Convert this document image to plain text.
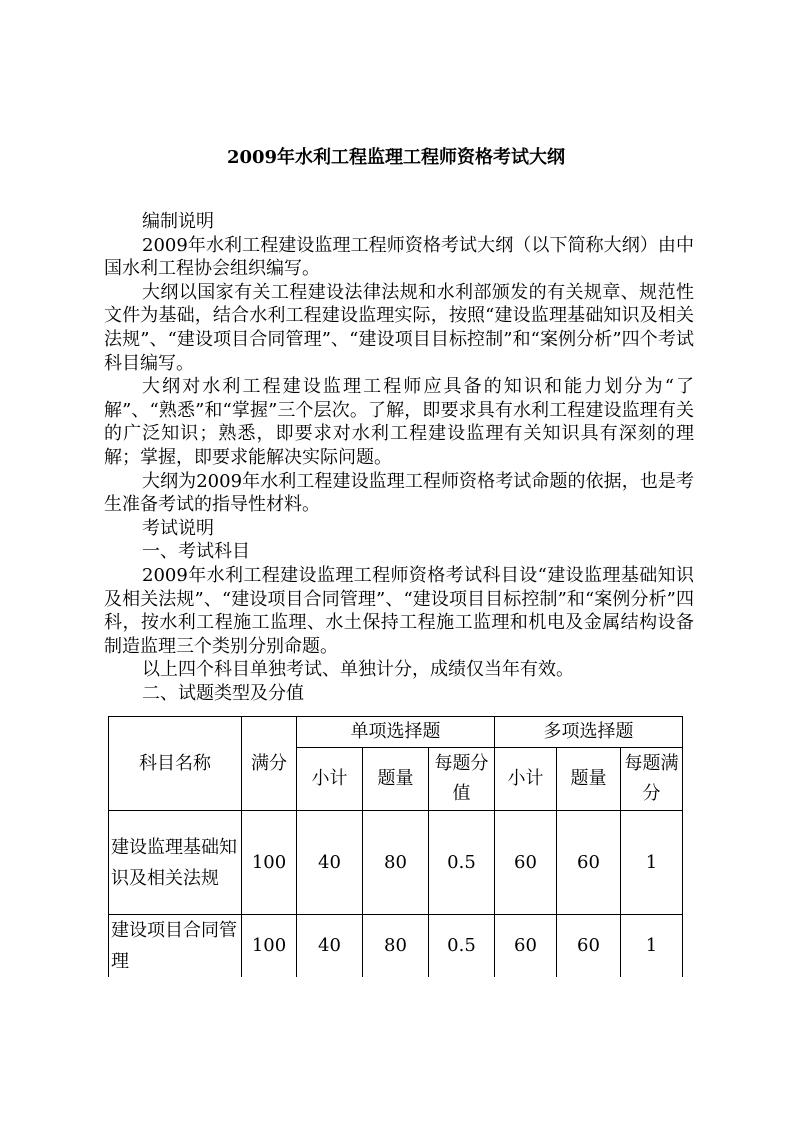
2009年水利工程监理工程师资格考试大纲

编制说明

2009年水利工程建设监理工程师资格考试大纲（以下简称大纲）由中国水利工程协会组织编写。

大纲以国家有关工程建设法律法规和水利部颁发的有关规章、规范性文件为基础，结合水利工程建设监理实际，按照“建设监理基础知识及相关法规”、“建设项目合同管理”、“建设项目目标控制”和“案例分析”四个考试科目编写。

大纲对水利工程建设监理工程师应具备的知识和能力划分为“了解”、“熟悉”和“掌握”三个层次。了解，即要求具有水利工程建设监理有关的广泛知识；熟悉，即要求对水利工程建设监理有关知识具有深刻的理解；掌握，即要求能解决实际问题。

大纲为2009年水利工程建设监理工程师资格考试命题的依据，也是考生准备考试的指导性材料。

考试说明

一、考试科目

2009年水利工程建设监理工程师资格考试科目设“建设监理基础知识及相关法规”、“建设项目合同管理”、“建设项目目标控制”和“案例分析”四科，按水利工程施工监理、水土保持工程施工监理和机电及金属结构设备制造监理三个类别分别命题。

以上四个科目单独考试、单独计分，成绩仅当年有效。

二、试题类型及分值

科目名称	满分	单项选择题			多项选择题		
		小计	题量	每题分值	小计	题量	每题满分
建设监理基础知识及相关法规	100	40	80	0.5	60	60	1
建设项目合同管理	100	40	80	0.5	60	60	1
